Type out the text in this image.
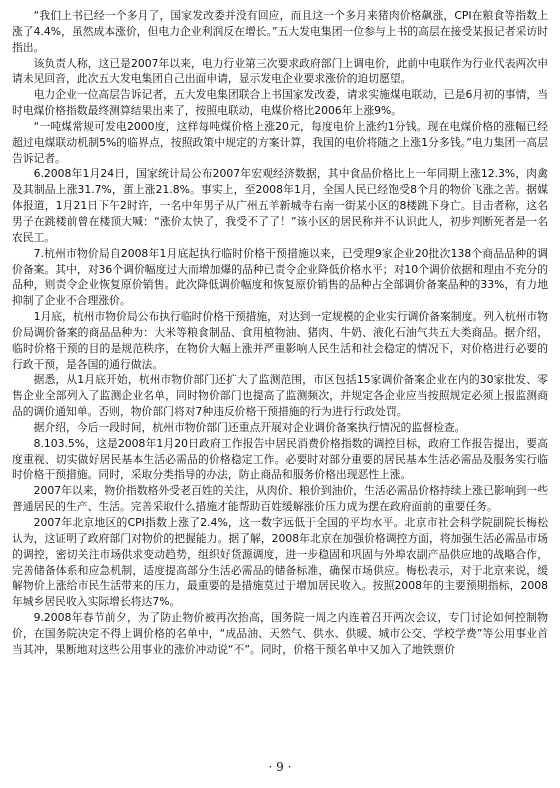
“我们上书已经一个多月了，国家发改委并没有回应，而且这一个多月来猪肉价格飙涨，CPI在粮食等指数上涨了4.4%，虽然成本涨价，但电力企业利润反在增长。”五大发电集团一位参与上书的高层在接受某报记者采访时指出。

该负责人称，这已是2007年以来，电力行业第三次要求政府部门上调电价，此前中电联作为行业代表两次申请未见回音，此次五大发电集团自己出面申请，显示发电企业要求涨价的迫切愿望。

电力企业一位高层告诉记者，五大发电集团联合上书国家发改委，请求实施煤电联动，已是6月初的事情，当时电煤价格指数最终测算结果出来了，按照电联动，电煤价格比2006年上涨9%。

“一吨煤常规可发电2000度，这样每吨煤价格上涨20元，每度电价上涨约1分钱。现在电煤价格的涨幅已经超过电煤联动机制5%的临界点，按照政策中规定的方案计算，我国的电价将随之上涨1分多钱。”电力集团一高层告诉记者。

6.2008年1月24日，国家统计局公布2007年宏观经济数据，其中食品价格比上一年同期上涨12.3%，肉禽及其制品上涨31.7%，蛋上涨21.8%。事实上，至2008年1月，全国人民已经饱受8个月的物价飞涨之苦。据媒体报道，1月21日下午2时许，一名中年男子从广州五羊新城寺右南一街某小区的8楼跳下身亡。目击者称，这名男子在跳楼前曾在楼顶大喊：“涨价太快了，我受不了了！”该小区的居民称并不认识此人，初步判断死者是一名农民工。

7.杭州市物价局自2008年1月底起执行临时价格干预措施以来，已受理9家企业20批次138个商品品种的调价备案。其中，对36个调价幅度过大而增加爆的品种已责令企业降低价格水平；对10个调价依据和理由不充分的品种，则责令企业恢复原价销售。此次降低调价幅度和恢复原价销售的品种占全部调价备案品种的33%，有力地抑制了企业不合理涨价。

1月底，杭州市物价局公布执行临时价格干预措施，对达到一定规模的企业实行调价备案制度。列入杭州市物价局调价备案的商品品种为：大米等粮食制品、食用植物油、猪肉、牛奶、液化石油气共五大类商品。据介绍，临时价格干预的目的是规范秩序，在物价大幅上涨并严重影响人民生活和社会稳定的情况下，对价格进行必要的行政干预，是各国的通行做法。

据悉，从1月底开始，杭州市物价部门还扩大了监测范围，市区包括15家调价备案企业在内的30家批发、零售企业全部列入了监测企业名单，同时物价部门也提高了监测频次，并规定各企业应当按照规定必须上报监测商品的调价通知单。否则，物价部门将对7种违反价格干预措施的行为进行行政处罚。

据介绍，今后一段时间，杭州市物价部门还重点开展对企业调价备案执行情况的监督检查。

8.103.5%，这是2008年1月20日政府工作报告中居民消费价格指数的调控目标，政府工作报告提出，要高度重视、切实做好居民基本生活必需品的价格稳定工作。必要时对部分重要的居民基本生活必需品及服务实行临时价格干预措施。同时，采取分类指导的办法，防止商品和服务价格出现恶性上涨。

2007年以来，物价指数格外受老百姓的关注，从肉价、粮价到油价，生活必需品价格持续上涨已影响到一些普通居民的生产、生活。完善采取什么措施才能帮助百姓缓解涨价压力成为摆在政府面前的重要任务。

2007年北京地区的CPI指数上涨了2.4%，这一数字远低于全国的平均水平。北京市社会科学院副院长梅松认为，这证明了政府部门对物价的把握能力。据了解，2008年北京在加强价格调控方面，将加强生活必需品市场的调控，密切关注市场供求变动趋势，组织好货源调度，进一步稳固和巩固与外埠农副产品供应地的战略合作，完善储备体系和应急机制，适度提高部分生活必需品的储备标准，确保市场供应。梅松表示，对于北京来说，缓解物价上涨给市民生活带来的压力，最重要的是措施莫过于增加居民收入。按照2008年的主要预期指标，2008年城乡居民收入实际增长将达7%。

9.2008年春节前夕，为了防止物价被再次抬高，国务院一周之内连着召开两次会议，专门讨论如何控制物价，在国务院决定不得上调价格的名单中，“成品油、天然气、供水、供暖、城市公交、学校学费”等公用事业首当其冲，果断地对这些公用事业的涨价冲动说“不”。同时，价格干预名单中又加入了地铁票价

· 9 ·
